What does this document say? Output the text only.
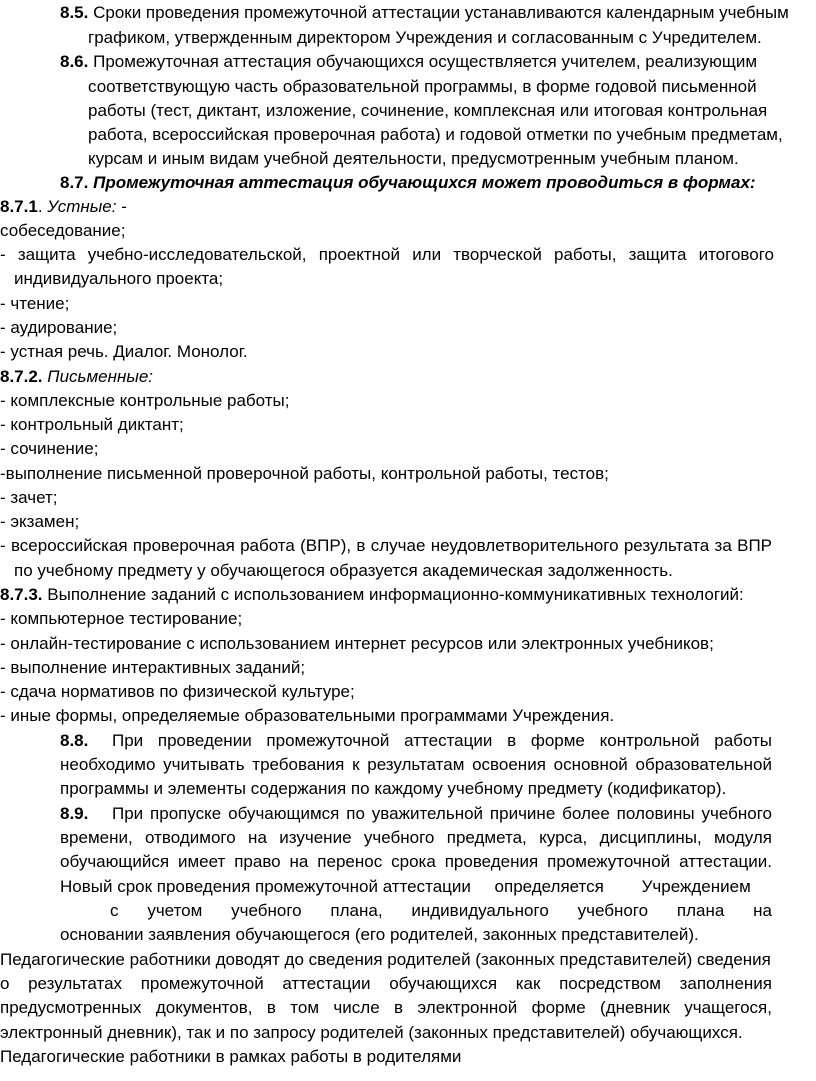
8.5. Сроки проведения промежуточной аттестации устанавливаются календарным учебным
графиком, утвержденным директором Учреждения и согласованным с Учредителем.
8.6. Промежуточная аттестация обучающихся осуществляется учителем, реализующим
соответствующую часть образовательной программы, в форме годовой письменной
работы (тест, диктант, изложение, сочинение, комплексная или итоговая контрольная
работа, всероссийская проверочная работа) и годовой отметки по учебным предметам,
курсам и иным видам учебной деятельности, предусмотренным учебным планом.
8.7. Промежуточная аттестация обучающихся может проводиться в формах:
8.7.1. Устные: -
собеседование;
- защита учебно-исследовательской, проектной или творческой работы, защита итогового
индивидуального проекта;
- чтение;
- аудирование;
- устная речь. Диалог. Монолог.
8.7.2. Письменные:
- комплексные контрольные работы;
- контрольный диктант;
- сочинение;
-выполнение письменной проверочной работы, контрольной работы, тестов;
- зачет;
- экзамен;
- всероссийская проверочная работа (ВПР), в случае неудовлетворительного результата за ВПР
по учебному предмету у обучающегося образуется академическая задолженность.
8.7.3. Выполнение заданий с использованием информационно-коммуникативных технологий:
- компьютерное тестирование;
- онлайн-тестирование с использованием интернет ресурсов или электронных учебников;
- выполнение интерактивных заданий;
- сдача нормативов по физической культуре;
- иные формы, определяемые образовательными программами Учреждения.
8.8. При проведении промежуточной аттестации в форме контрольной работы
необходимо учитывать требования к результатам освоения основной образовательной
программы и элементы содержания по каждому учебному предмету (кодификатор).
8.9. При пропуске обучающимся по уважительной причине более половины учебного
времени, отводимого на изучение учебного предмета, курса, дисциплины, модуля
обучающийся имеет право на перенос срока проведения промежуточной аттестации.
Новый срок проведения промежуточной аттестации     определяется        Учреждением
с учетом учебного плана, индивидуального учебного плана на
основании заявления обучающегося (его родителей, законных представителей).
Педагогические работники доводят до сведения родителей (законных представителей) сведения
о результатах промежуточной аттестации обучающихся как посредством заполнения
предусмотренных документов, в том числе в электронной форме (дневник учащегося,
электронный дневник), так и по запросу родителей (законных представителей) обучающихся.
Педагогические работники в рамках работы в родителями
